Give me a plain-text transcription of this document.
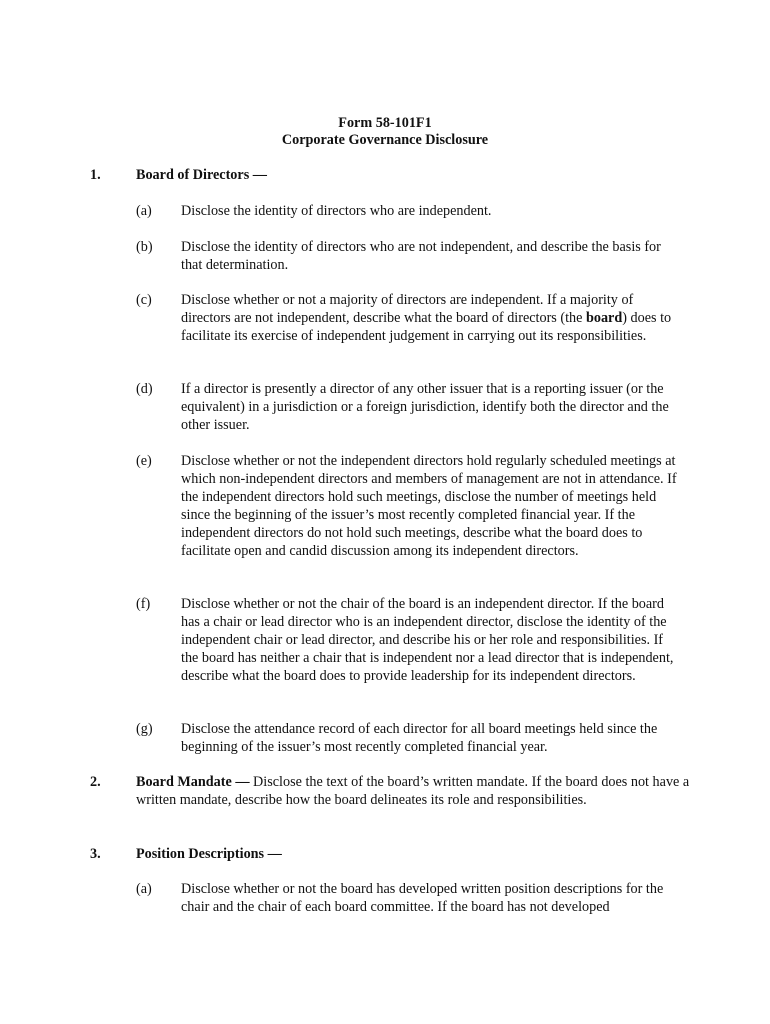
Form 58-101F1
Corporate Governance Disclosure
1. Board of Directors —
(a) Disclose the identity of directors who are independent.
(b) Disclose the identity of directors who are not independent, and describe the basis for that determination.
(c) Disclose whether or not a majority of directors are independent. If a majority of directors are not independent, describe what the board of directors (the board) does to facilitate its exercise of independent judgement in carrying out its responsibilities.
(d) If a director is presently a director of any other issuer that is a reporting issuer (or the equivalent) in a jurisdiction or a foreign jurisdiction, identify both the director and the other issuer.
(e) Disclose whether or not the independent directors hold regularly scheduled meetings at which non-independent directors and members of management are not in attendance. If the independent directors hold such meetings, disclose the number of meetings held since the beginning of the issuer’s most recently completed financial year. If the independent directors do not hold such meetings, describe what the board does to facilitate open and candid discussion among its independent directors.
(f) Disclose whether or not the chair of the board is an independent director. If the board has a chair or lead director who is an independent director, disclose the identity of the independent chair or lead director, and describe his or her role and responsibilities. If the board has neither a chair that is independent nor a lead director that is independent, describe what the board does to provide leadership for its independent directors.
(g) Disclose the attendance record of each director for all board meetings held since the beginning of the issuer’s most recently completed financial year.
2. Board Mandate — Disclose the text of the board’s written mandate. If the board does not have a written mandate, describe how the board delineates its role and responsibilities.
3. Position Descriptions —
(a) Disclose whether or not the board has developed written position descriptions for the chair and the chair of each board committee. If the board has not developed
